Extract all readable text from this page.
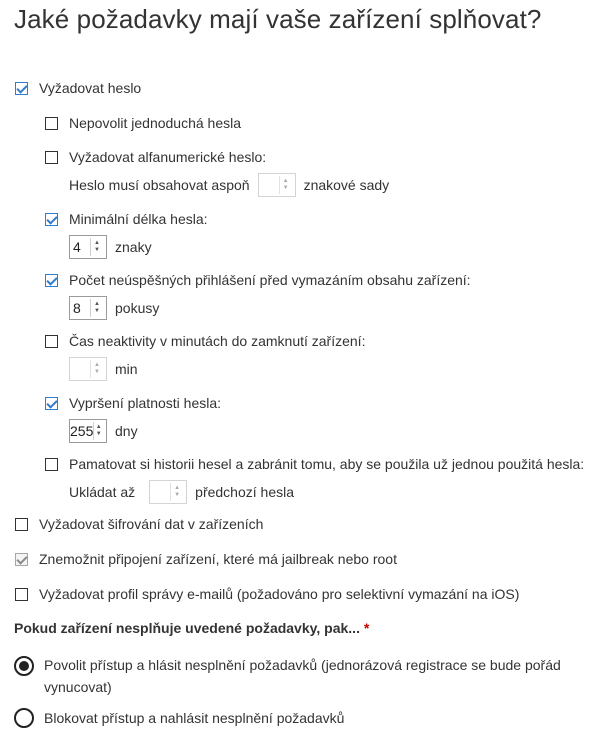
Jaké požadavky mají vaše zařízení splňovat?
Vyžadovat heslo
Nepovolit jednoduchá hesla
Vyžadovat alfanumerické heslo:
Heslo musí obsahovat aspoň	▲
▼ znakové sady
Minimální délka hesla:
4	▲
▼ znaky
Počet neúspěšných přihlášení před vymazáním obsahu zařízení:
8	▲
▼ pokusy
Čas neaktivity v minutách do zamknutí zařízení:
▲
▼ min
Vypršení platnosti hesla:
255 ▲
▼ dny
Pamatovat si historii hesel a zabránit tomu, aby se použila už jednou použitá hesla:
Ukládat až	▲
▼ předchozí hesla
Vyžadovat šifrování dat v zařízeních
Znemožnit připojení zařízení, které má jailbreak nebo root
Vyžadovat profil správy e-mailů (požadováno pro selektivní vymazání na iOS)
Pokud zařízení nesplňuje uvedené požadavky, pak... *
Povolit přístup a hlásit nesplnění požadavků (jednorázová registrace se bude pořád vynucovat)
Blokovat přístup a nahlásit nesplnění požadavků
